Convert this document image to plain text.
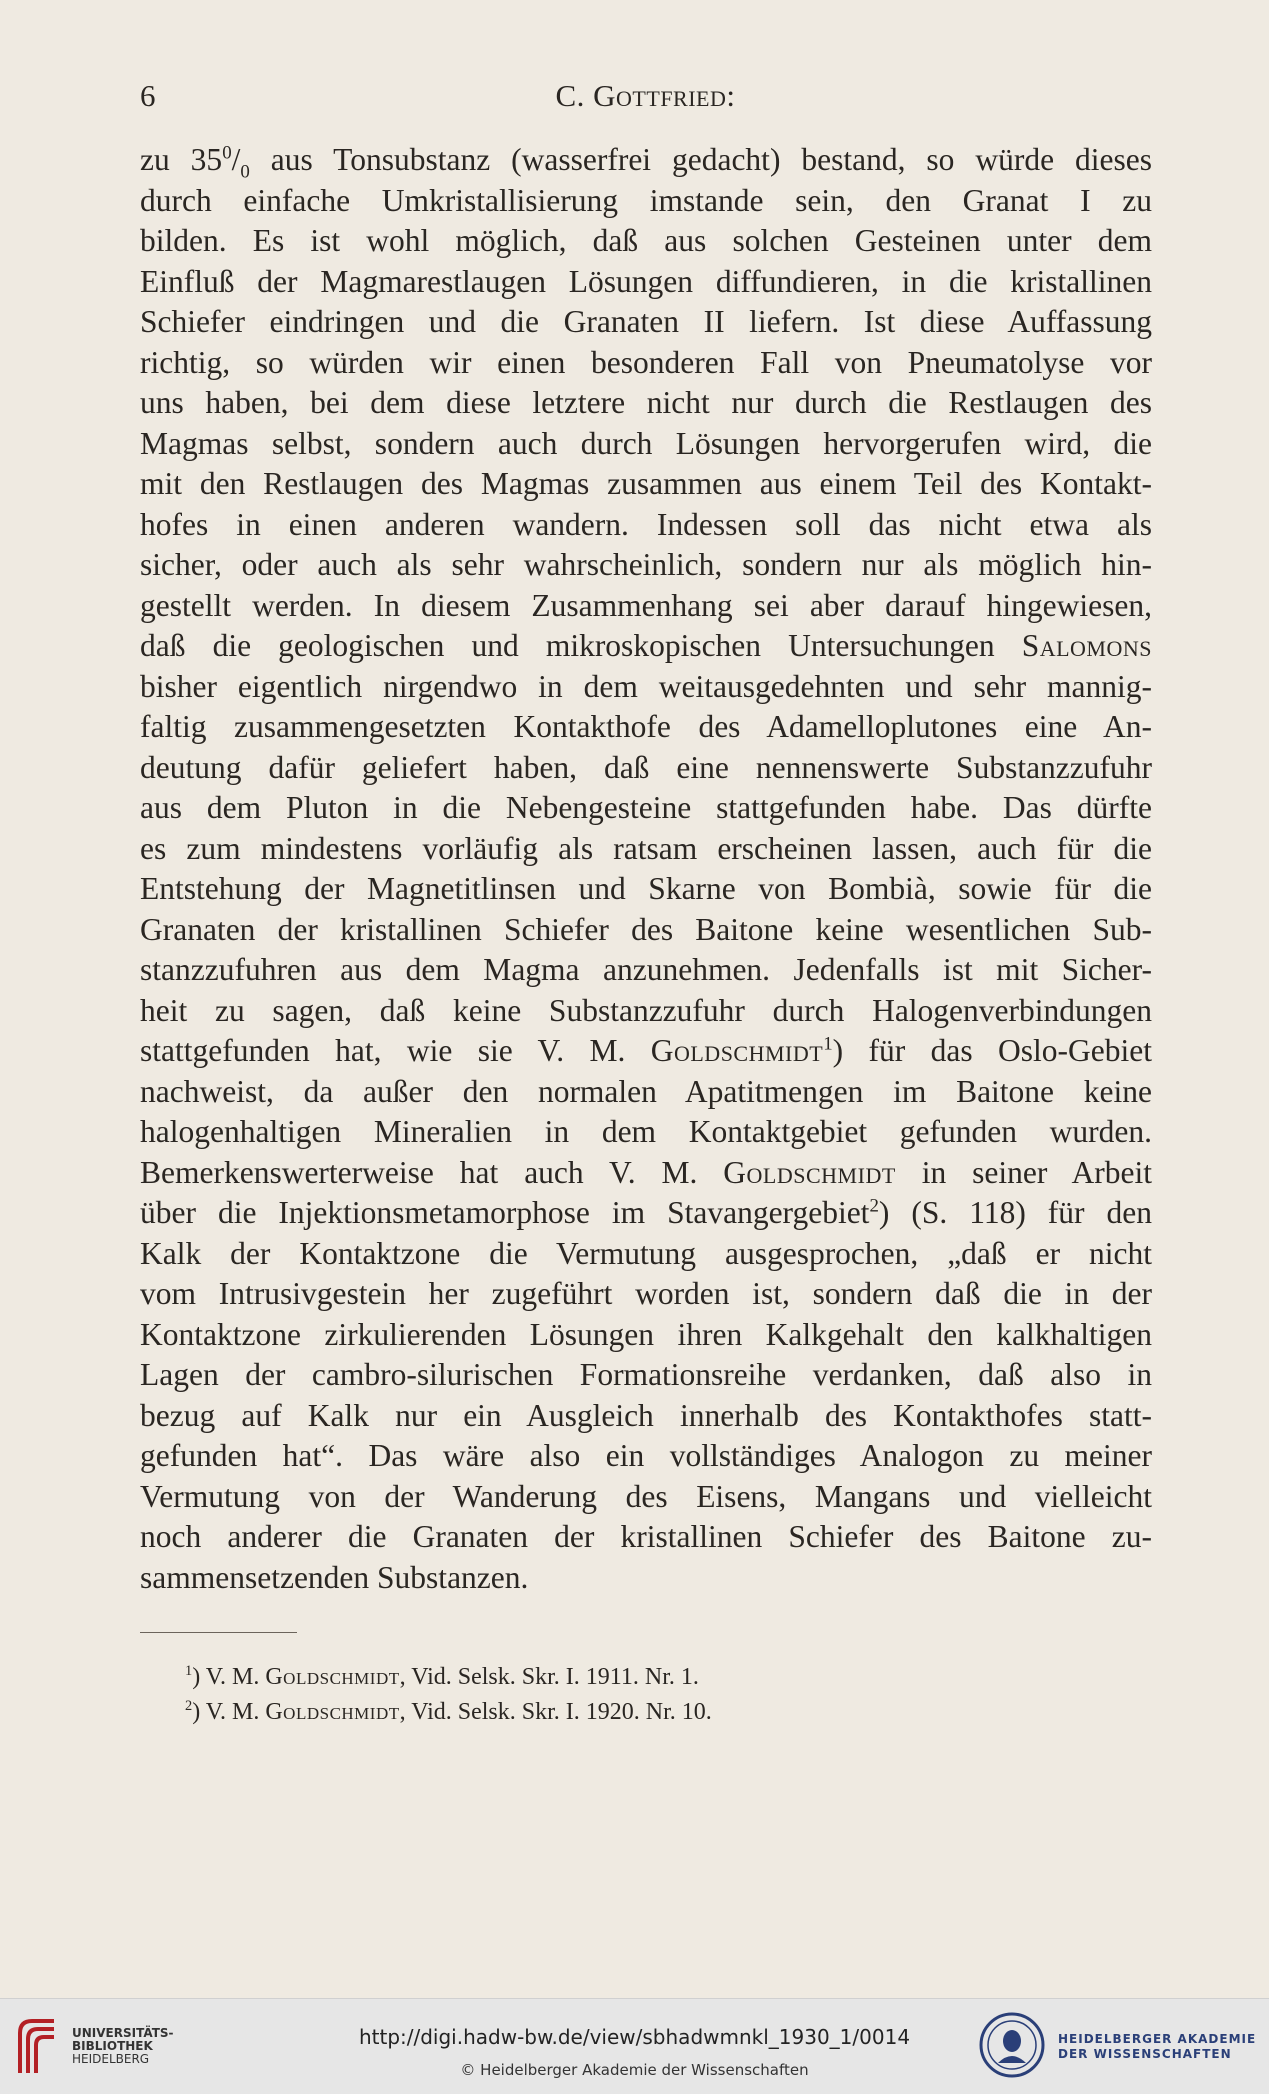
6	C. Gottfried:
zu $35^0/_0$ aus Tonsubstanz (wasserfrei gedacht) bestand, so würde dieses
durch einfache Umkristallisierung imstande sein, den Granat I zu
bilden. Es ist wohl möglich, daß aus solchen Gesteinen unter dem
Einfluß der Magmarestlaugen Lösungen diffundieren, in die kristallinen
Schiefer eindringen und die Granaten II liefern. Ist diese Auffassung
richtig, so würden wir einen besonderen Fall von Pneumatolyse vor
uns haben, bei dem diese letztere nicht nur durch die Restlaugen des
Magmas selbst, sondern auch durch Lösungen hervorgerufen wird, die
mit den Restlaugen des Magmas zusammen aus einem Teil des Kontakt-
hofes in einen anderen wandern. Indessen soll das nicht etwa als
sicher, oder auch als sehr wahrscheinlich, sondern nur als möglich hin-
gestellt werden. In diesem Zusammenhang sei aber darauf hingewiesen,
daß die geologischen und mikroskopischen Untersuchungen Salomons
bisher eigentlich nirgendwo in dem weitausgedehnten und sehr mannig-
faltig zusammengesetzten Kontakthofe des Adamelloplutones eine An-
deutung dafür geliefert haben, daß eine nennenswerte Substanzzufuhr
aus dem Pluton in die Nebengesteine stattgefunden habe. Das dürfte
es zum mindestens vorläufig als ratsam erscheinen lassen, auch für die
Entstehung der Magnetitlinsen und Skarne von Bombià, sowie für die
Granaten der kristallinen Schiefer des Baitone keine wesentlichen Sub-
stanzzufuhren aus dem Magma anzunehmen. Jedenfalls ist mit Sicher-
heit zu sagen, daß keine Substanzzufuhr durch Halogenverbindungen
stattgefunden hat, wie sie V. M. Goldschmidt$^1$) für das Oslo-Gebiet
nachweist, da außer den normalen Apatitmengen im Baitone keine
halogenhaltigen Mineralien in dem Kontaktgebiet gefunden wurden.
Bemerkenswerterweise hat auch V. M. Goldschmidt in seiner Arbeit
über die Injektionsmetamorphose im Stavangergebiet$^2$) (S. 118) für den
Kalk der Kontaktzone die Vermutung ausgesprochen, „daß er nicht
vom Intrusivgestein her zugeführt worden ist, sondern daß die in der
Kontaktzone zirkulierenden Lösungen ihren Kalkgehalt den kalkhaltigen
Lagen der cambro-silurischen Formationsreihe verdanken, daß also in
bezug auf Kalk nur ein Ausgleich innerhalb des Kontakthofes statt-
gefunden hat“. Das wäre also ein vollständiges Analogon zu meiner
Vermutung von der Wanderung des Eisens, Mangans und vielleicht
noch anderer die Granaten der kristallinen Schiefer des Baitone zu-
sammensetzenden Substanzen.
$^1$) V. M. Goldschmidt, Vid. Selsk. Skr. I. 1911. Nr. 1.
$^2$) V. M. Goldschmidt, Vid. Selsk. Skr. I. 1920. Nr. 10.
UNIVERSITÄTS-
BIBLIOTHEK
HEIDELBERG
http://digi.hadw-bw.de/view/sbhadwmnkl_1930_1/0014
© Heidelberger Akademie der Wissenschaften
HEIDELBERGER AKADEMIE
DER WISSENSCHAFTEN
